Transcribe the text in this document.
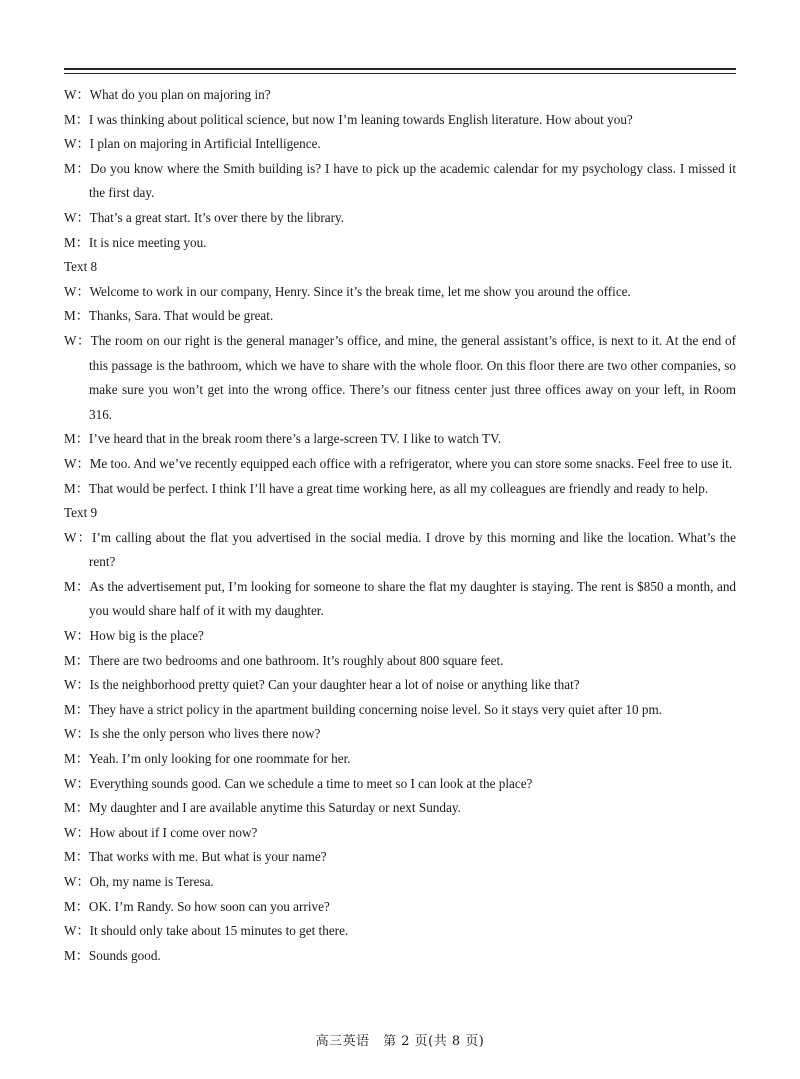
W：What do you plan on majoring in?

M：I was thinking about political science, but now I’m leaning towards English literature. How about you?

W：I plan on majoring in Artificial Intelligence.

M：Do you know where the Smith building is? I have to pick up the academic calendar for my psychology class. I missed it the first day.

W：That’s a great start. It’s over there by the library.

M：It is nice meeting you.

Text 8

W：Welcome to work in our company, Henry. Since it’s the break time, let me show you around the office.

M：Thanks, Sara. That would be great.

W：The room on our right is the general manager’s office, and mine, the general assistant’s office, is next to it. At the end of this passage is the bathroom, which we have to share with the whole floor. On this floor there are two other companies, so make sure you won’t get into the wrong office. There’s our fitness center just three offices away on your left, in Room 316.

M：I’ve heard that in the break room there’s a large-screen TV. I like to watch TV.

W：Me too. And we’ve recently equipped each office with a refrigerator, where you can store some snacks. Feel free to use it.

M：That would be perfect. I think I’ll have a great time working here, as all my colleagues are friendly and ready to help.

Text 9

W：I’m calling about the flat you advertised in the social media. I drove by this morning and like the location. What’s the rent?

M：As the advertisement put, I’m looking for someone to share the flat my daughter is staying. The rent is $850 a month, and you would share half of it with my daughter.

W：How big is the place?

M：There are two bedrooms and one bathroom. It’s roughly about 800 square feet.

W：Is the neighborhood pretty quiet? Can your daughter hear a lot of noise or anything like that?

M：They have a strict policy in the apartment building concerning noise level. So it stays very quiet after 10 pm.

W：Is she the only person who lives there now?

M：Yeah. I’m only looking for one roommate for her.

W：Everything sounds good. Can we schedule a time to meet so I can look at the place?

M：My daughter and I are available anytime this Saturday or next Sunday.

W：How about if I come over now?

M：That works with me. But what is your name?

W：Oh, my name is Teresa.

M：OK. I’m Randy. So how soon can you arrive?

W：It should only take about 15 minutes to get there.

M：Sounds good.

高三英语　第 2 页(共 8 页)
